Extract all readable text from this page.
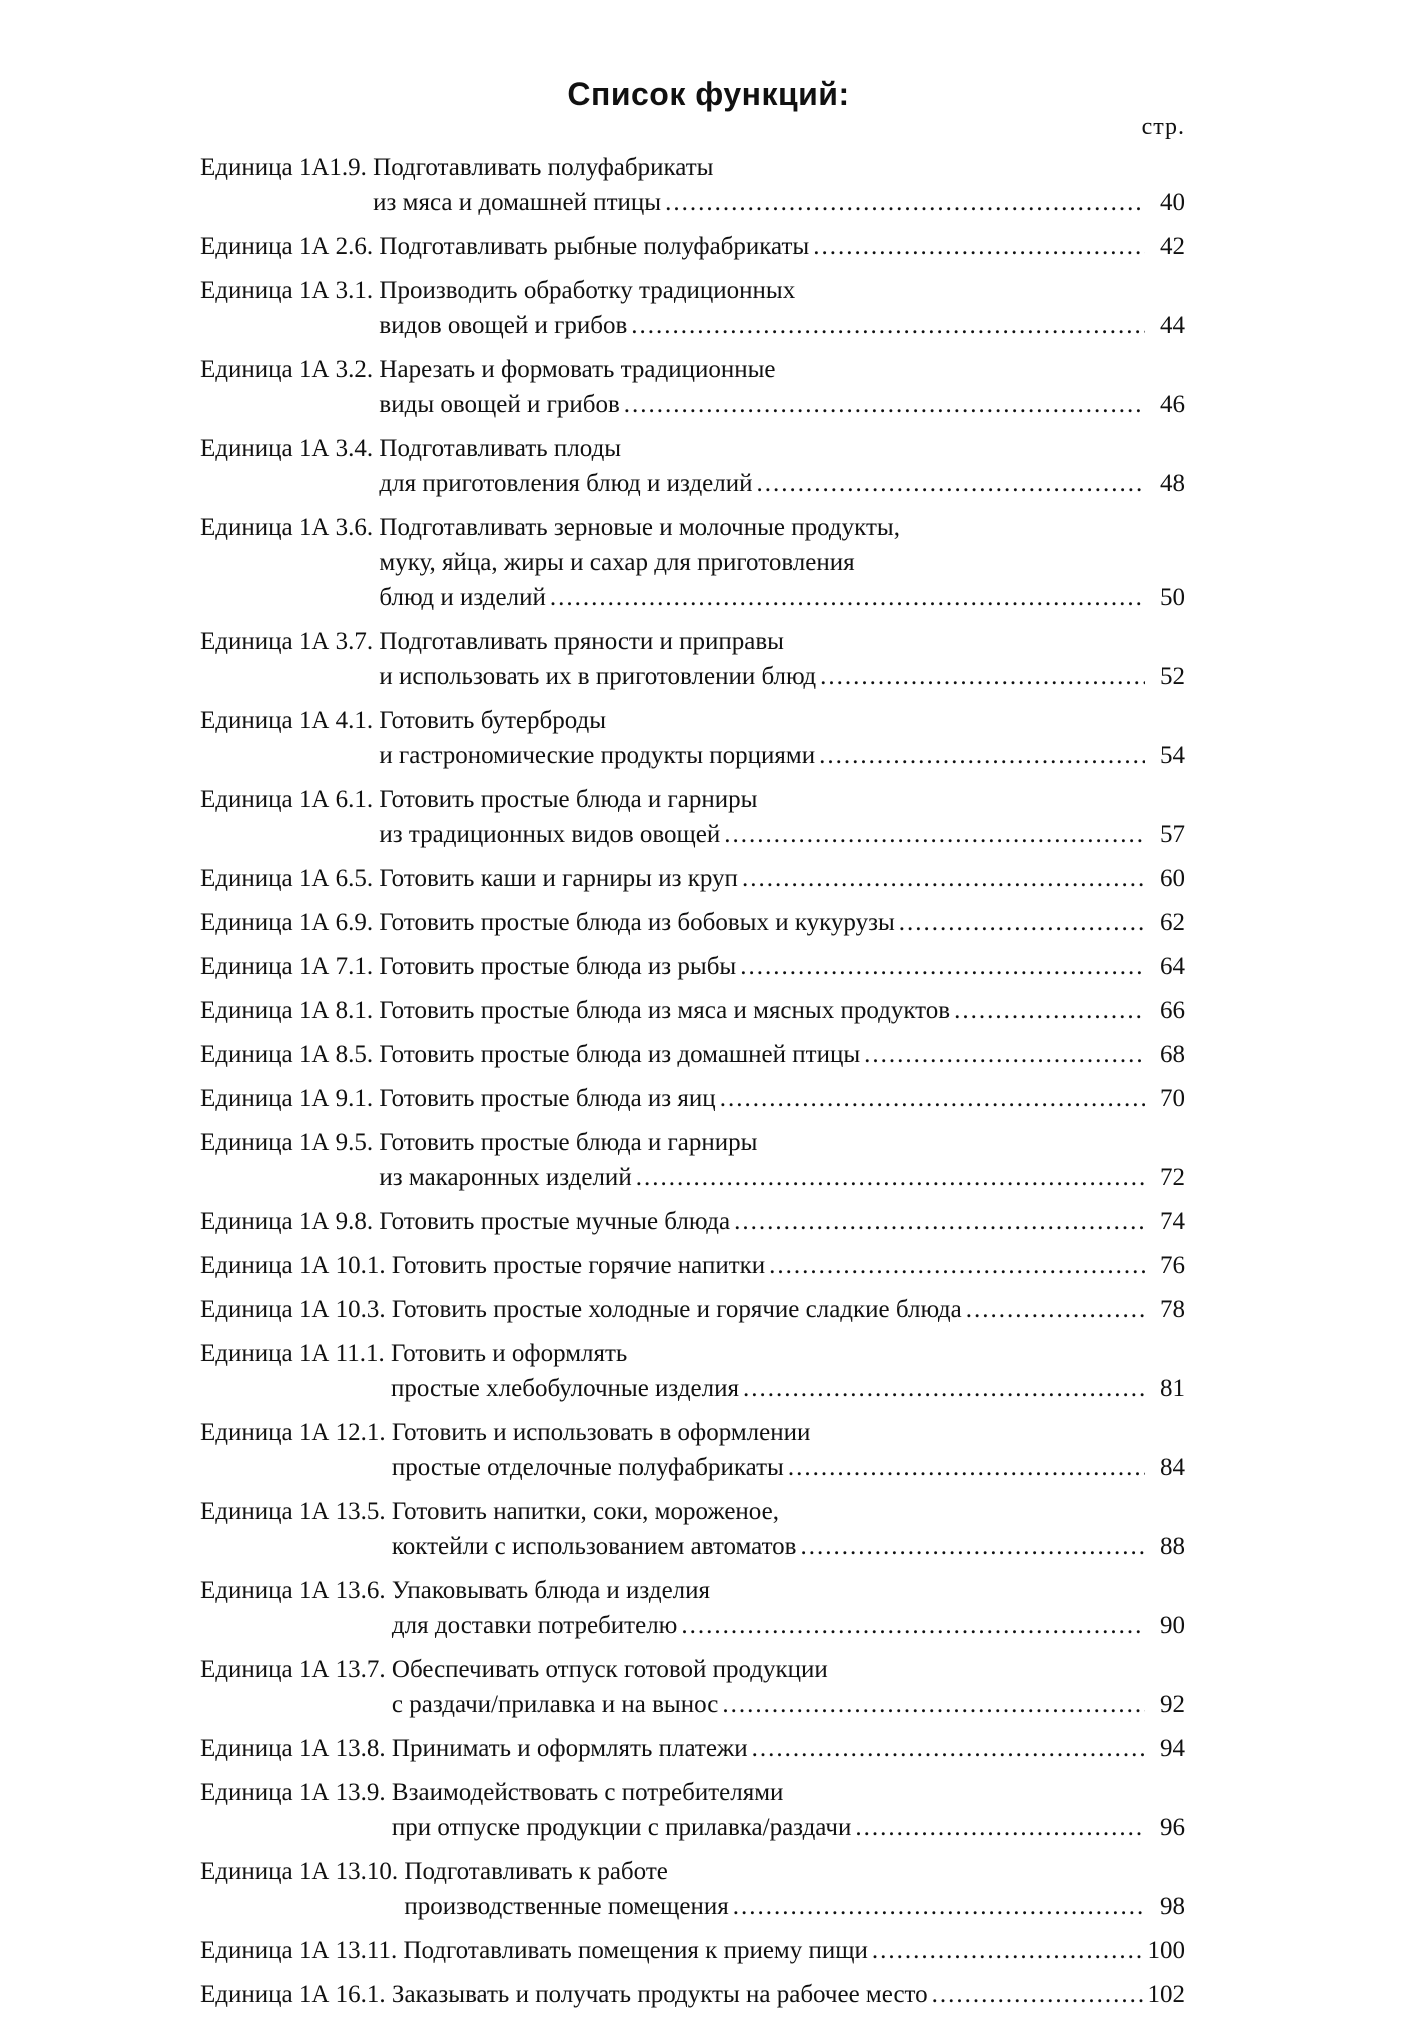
Список функций:
стр.
Единица 1А1.9.
Подготавливать полуфабрикаты
из мяса и домашней птицы .....	40
Единица 1А 2.6.
Подготавливать рыбные полуфабрикаты .....	42
Единица 1А 3.1.
Производить обработку традиционных
видов овощей и грибов .....	44
Единица 1А 3.2.
Нарезать и формовать традиционные
виды овощей и грибов .....	46
Единица 1А 3.4.
Подготавливать плоды
для приготовления блюд и изделий .....	48
Единица 1А 3.6.
Подготавливать зерновые и молочные продукты,
муку, яйца, жиры и сахар для приготовления
блюд и изделий .....	50
Единица 1А 3.7.
Подготавливать пряности и приправы
и использовать их в приготовлении блюд .....	52
Единица 1А 4.1.
Готовить бутерброды
и гастрономические продукты порциями .....	54
Единица 1А 6.1.
Готовить простые блюда и гарниры
из традиционных видов овощей .....	57
Единица 1А 6.5.
Готовить каши и гарниры из круп .....	60
Единица 1А 6.9.
Готовить простые блюда из бобовых и кукурузы .....	62
Единица 1А 7.1.
Готовить простые блюда из рыбы .....	64
Единица 1А 8.1.
Готовить простые блюда из мяса и мясных продуктов .....	66
Единица 1А 8.5.
Готовить простые блюда из домашней птицы .....	68
Единица 1А 9.1.
Готовить простые блюда из яиц .....	70
Единица 1А 9.5.
Готовить простые блюда и гарниры
из макаронных изделий .....	72
Единица 1А 9.8.
Готовить простые мучные блюда .....	74
Единица 1А 10.1.
Готовить простые горячие напитки .....	76
Единица 1А 10.3.
Готовить простые холодные и горячие сладкие блюда .....	78
Единица 1А 11.1.
Готовить и оформлять
простые хлебобулочные изделия .....	81
Единица 1А 12.1.
Готовить и использовать в оформлении
простые отделочные полуфабрикаты .....	84
Единица 1А 13.5.
Готовить напитки, соки, мороженое,
коктейли с использованием автоматов .....	88
Единица 1А 13.6.
Упаковывать блюда и изделия
для доставки потребителю .....	90
Единица 1А 13.7.
Обеспечивать отпуск готовой продукции
с раздачи/прилавка и на вынос .....	92
Единица 1А 13.8.
Принимать и оформлять платежи .....	94
Единица 1А 13.9.
Взаимодействовать с потребителями
при отпуске продукции с прилавка/раздачи .....	96
Единица 1А 13.10.
Подготавливать к работе
производственные помещения .....	98
Единица 1А 13.11.
Подготавливать помещения к приему пищи .....	100
Единица 1А 16.1.
Заказывать и получать продукты на рабочее место .....	102
